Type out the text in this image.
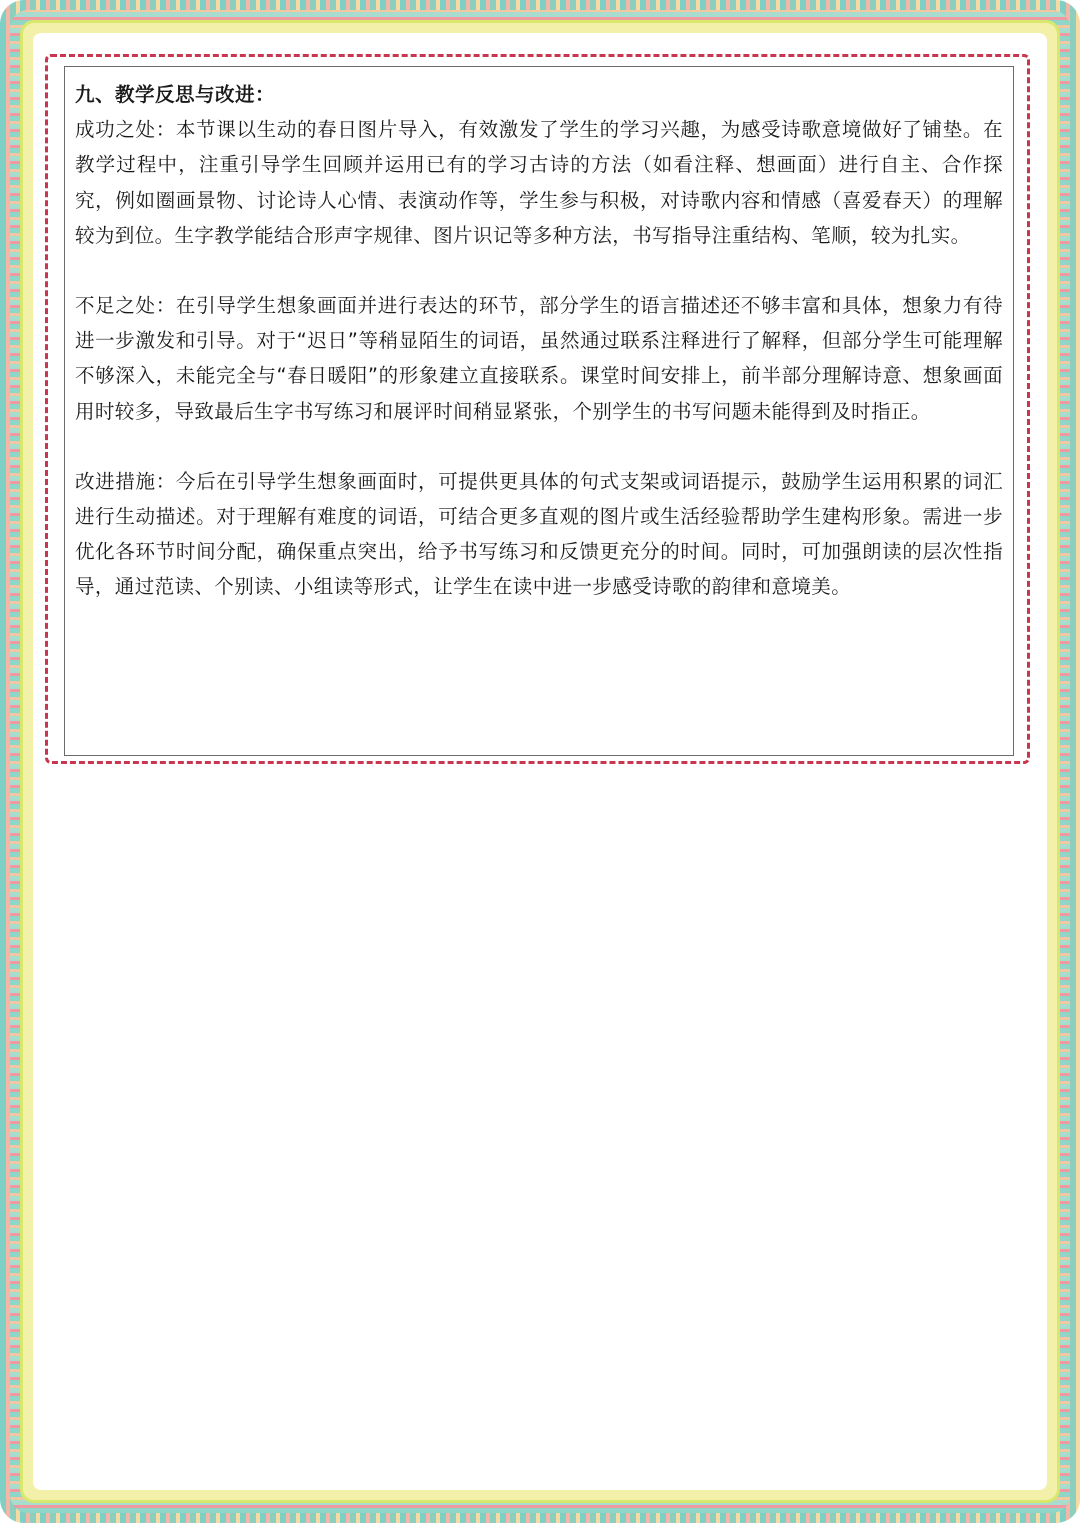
九、教学反思与改进：

成功之处：本节课以生动的春日图片导入，有效激发了学生的学习兴趣，为感受诗歌意境做好了铺垫。在教学过程中，注重引导学生回顾并运用已有的学习古诗的方法（如看注释、想画面）进行自主、合作探究，例如圈画景物、讨论诗人心情、表演动作等，学生参与积极，对诗歌内容和情感（喜爱春天）的理解较为到位。生字教学能结合形声字规律、图片识记等多种方法，书写指导注重结构、笔顺，较为扎实。

不足之处：在引导学生想象画面并进行表达的环节，部分学生的语言描述还不够丰富和具体，想象力有待进一步激发和引导。对于“迟日”等稍显陌生的词语，虽然通过联系注释进行了解释，但部分学生可能理解不够深入，未能完全与“春日暖阳”的形象建立直接联系。课堂时间安排上，前半部分理解诗意、想象画面用时较多，导致最后生字书写练习和展评时间稍显紧张，个别学生的书写问题未能得到及时指正。

改进措施：今后在引导学生想象画面时，可提供更具体的句式支架或词语提示，鼓励学生运用积累的词汇进行生动描述。对于理解有难度的词语，可结合更多直观的图片或生活经验帮助学生建构形象。需进一步优化各环节时间分配，确保重点突出，给予书写练习和反馈更充分的时间。同时，可加强朗读的层次性指导，通过范读、个别读、小组读等形式，让学生在读中进一步感受诗歌的韵律和意境美。
